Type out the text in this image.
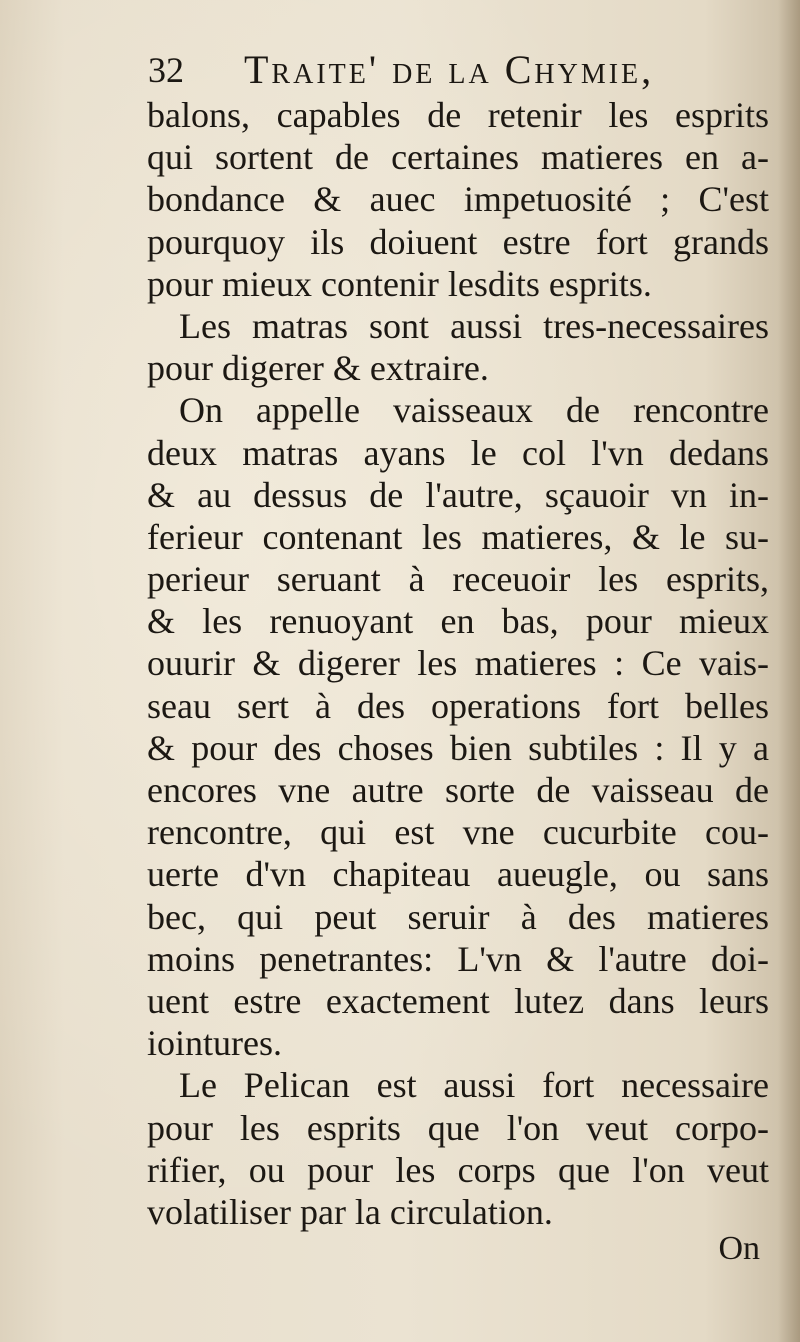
32 Traite' de la Chymie,
balons, capables de retenir les esprits
qui sortent de certaines matieres en a-
bondance & auec impetuosité ; C'est
pourquoy ils doiuent estre fort grands
pour mieux contenir lesdits esprits.
Les matras sont aussi tres-necessaires
pour digerer & extraire.
On appelle vaisseaux de rencontre
deux matras ayans le col l'vn dedans
& au dessus de l'autre, sçauoir vn in-
ferieur contenant les matieres, & le su-
perieur seruant à receuoir les esprits,
& les renuoyant en bas, pour mieux
ouurir & digerer les matieres : Ce vais-
seau sert à des operations fort belles
& pour des choses bien subtiles : Il y a
encores vne autre sorte de vaisseau de
rencontre, qui est vne cucurbite cou-
uerte d'vn chapiteau aueugle, ou sans
bec, qui peut seruir à des matieres
moins penetrantes: L'vn & l'autre doi-
uent estre exactement lutez dans leurs
iointures.
Le Pelican est aussi fort necessaire
pour les esprits que l'on veut corpo-
rifier, ou pour les corps que l'on veut
volatiliser par la circulation.
On
